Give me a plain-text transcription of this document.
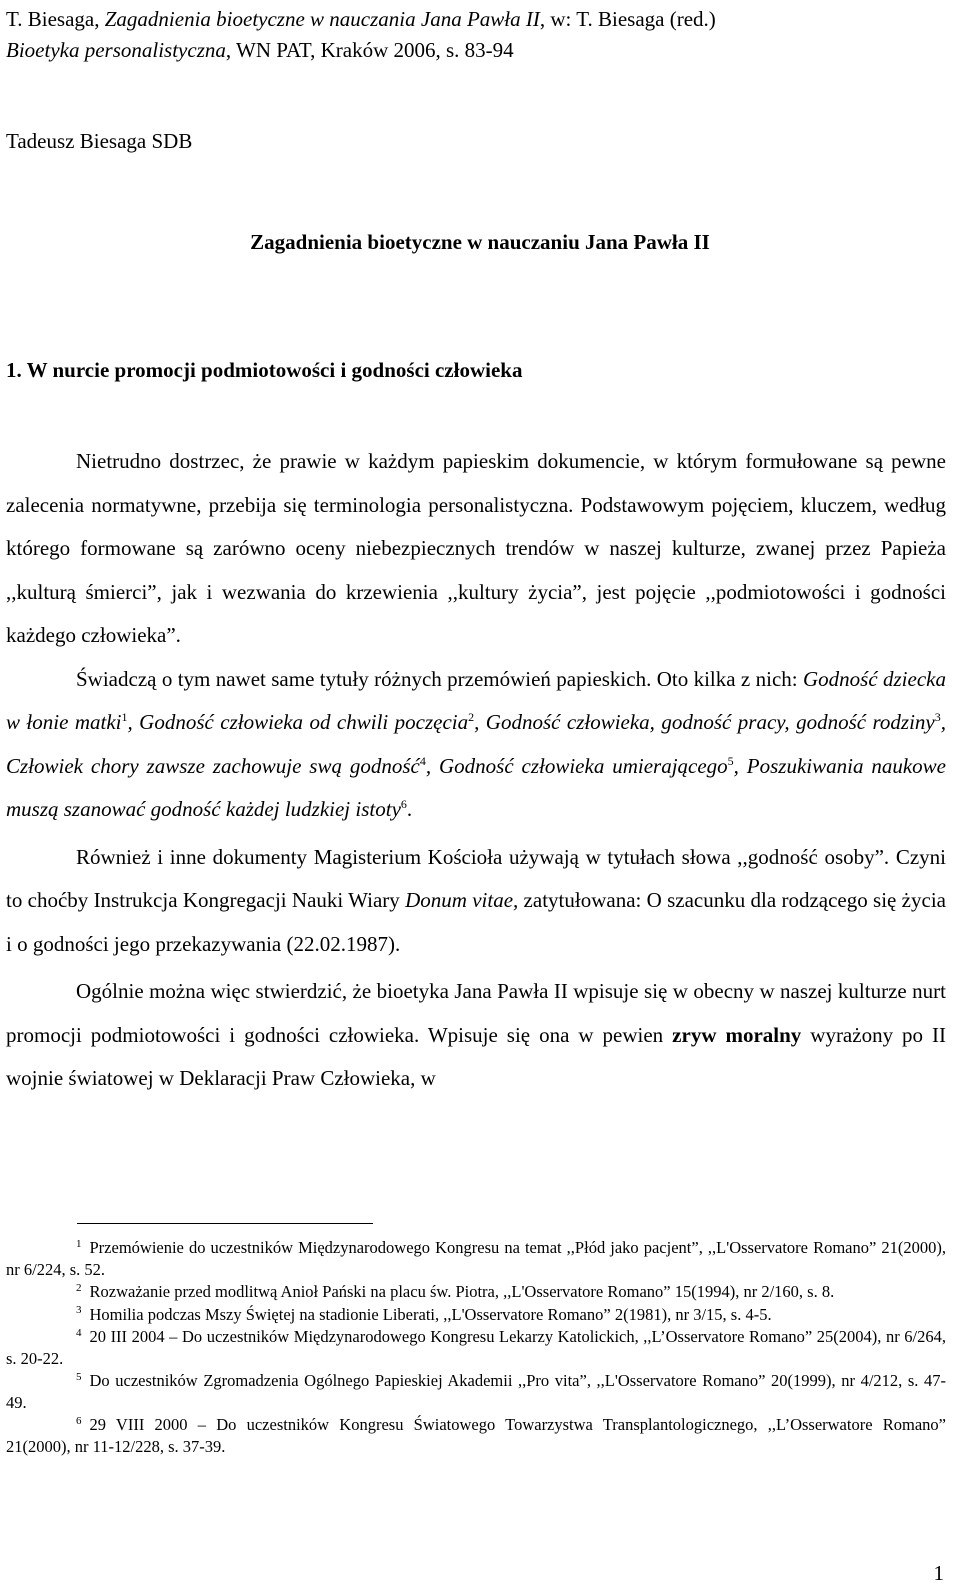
T. Biesaga, Zagadnienia bioetyczne w nauczania Jana Pawła II, w: T. Biesaga (red.)
Bioetyka personalistyczna, WN PAT, Kraków 2006, s. 83-94
Tadeusz Biesaga SDB
Zagadnienia bioetyczne w nauczaniu Jana Pawła II
1. W nurcie promocji podmiotowości i godności człowieka

Nietrudno dostrzec, że prawie w każdym papieskim dokumencie, w którym formułowane są pewne zalecenia normatywne, przebija się terminologia personalistyczna. Podstawowym pojęciem, kluczem, według którego formowane są zarówno oceny niebezpiecznych trendów w naszej kulturze, zwanej przez Papieża ,,kulturą śmierci”, jak i wezwania do krzewienia ,,kultury życia”, jest pojęcie ,,podmiotowości i godności każdego człowieka”.

Świadczą o tym nawet same tytuły różnych przemówień papieskich. Oto kilka z nich: Godność dziecka w łonie matki$^1$, Godność człowieka od chwili poczęcia$^2$, Godność człowieka, godność pracy, godność rodziny$^3$, Człowiek chory zawsze zachowuje swą godność$^4$, Godność człowieka umierającego$^5$, Poszukiwania naukowe muszą szanować godność każdej ludzkiej istoty$^6$.

Również i inne dokumenty Magisterium Kościoła używają w tytułach słowa ,,godność osoby”. Czyni to choćby Instrukcja Kongregacji Nauki Wiary Donum vitae, zatytułowana: O szacunku dla rodzącego się życia i o godności jego przekazywania (22.02.1987).

Ogólnie można więc stwierdzić, że bioetyka Jana Pawła II wpisuje się w obecny w naszej kulturze nurt promocji podmiotowości i godności człowieka. Wpisuje się ona w pewien zryw moralny wyrażony po II wojnie światowej w Deklaracji Praw Człowieka, w

$^1$ Przemówienie do uczestników Międzynarodowego Kongresu na temat ,,Płód jako pacjent”, ,,L'Osservatore Romano” 21(2000), nr 6/224, s. 52.

$^2$ Rozważanie przed modlitwą Anioł Pański na placu św. Piotra, ,,L'Osservatore Romano” 15(1994), nr 2/160, s. 8.

$^3$ Homilia podczas Mszy Świętej na stadionie Liberati, ,,L'Osservatore Romano” 2(1981), nr 3/15, s. 4-5.

$^4$ 20 III 2004 – Do uczestników Międzynarodowego Kongresu Lekarzy Katolickich, ,,L’Osservatore Romano” 25(2004), nr 6/264, s. 20-22.

$^5$ Do uczestników Zgromadzenia Ogólnego Papieskiej Akademii ,,Pro vita”, ,,L'Osservatore Romano” 20(1999), nr 4/212, s. 47-49.

$^6$ 29 VIII 2000 – Do uczestników Kongresu Światowego Towarzystwa Transplantologicznego, ,,L’Osserwatore Romano” 21(2000), nr 11-12/228, s. 37-39.

1
